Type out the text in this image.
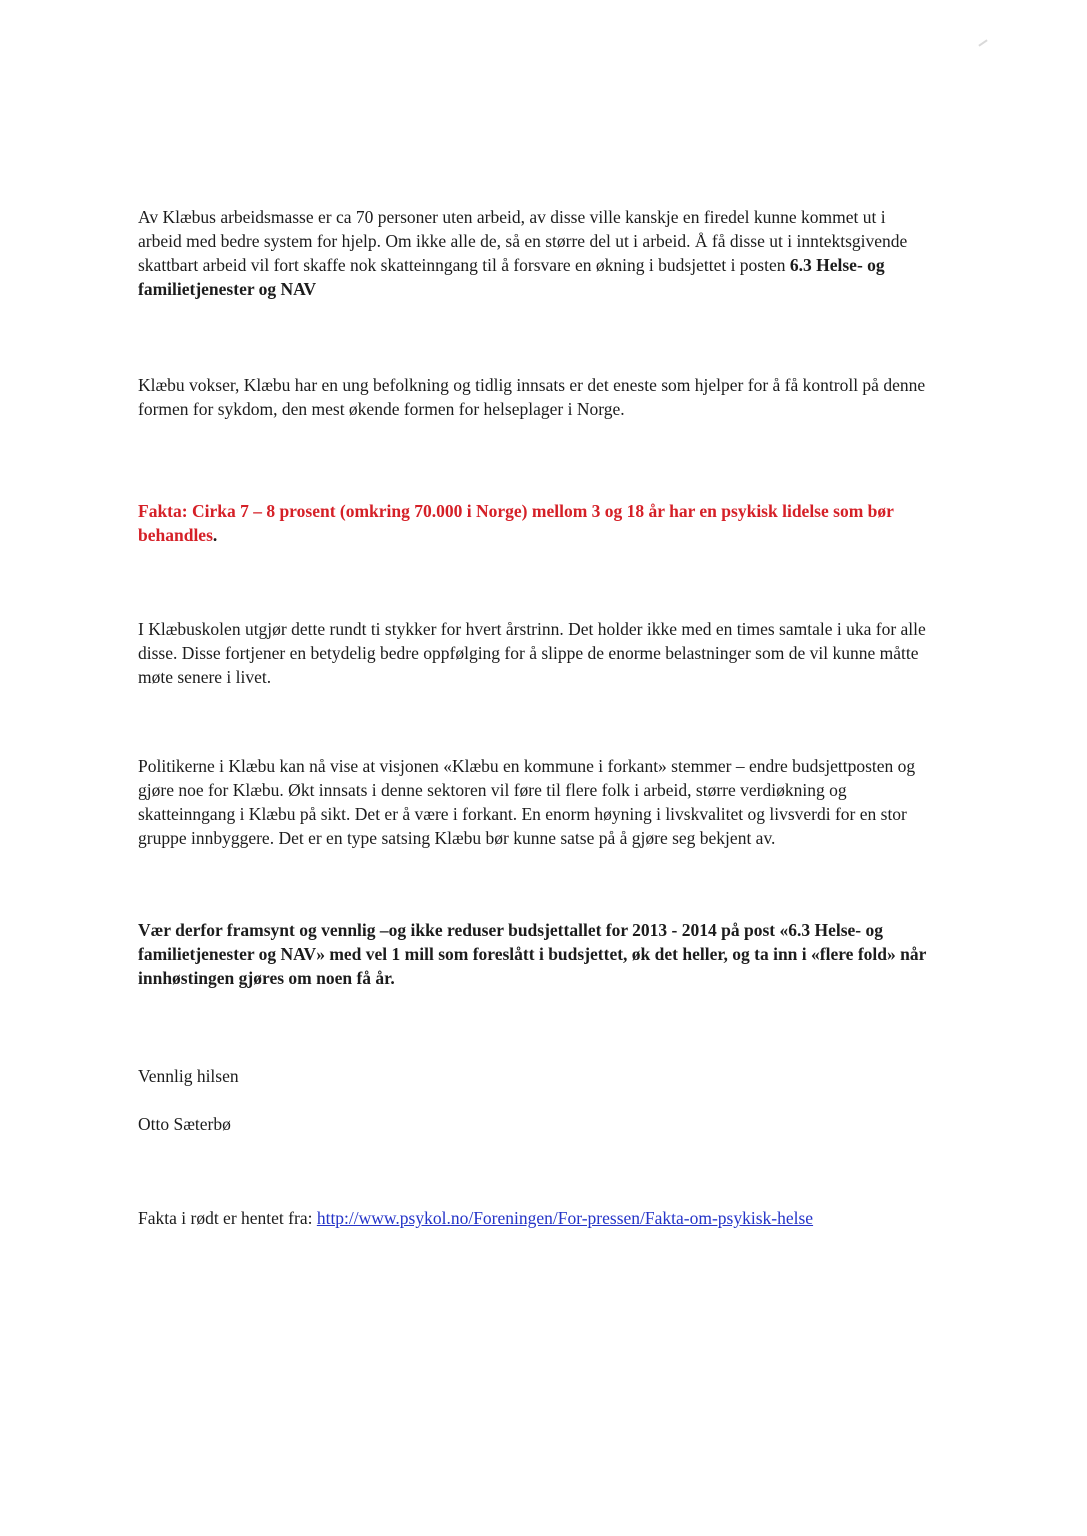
Av Klæbus arbeidsmasse er ca 70 personer uten arbeid, av disse ville kanskje en firedel kunne kommet ut i arbeid med bedre system for hjelp. Om ikke alle de, så en større del ut i arbeid. Å få disse ut i inntektsgivende skattbart arbeid vil fort skaffe nok skatteinngang til å forsvare en økning i budsjettet i posten 6.3 Helse- og familietjenester og NAV

Klæbu vokser, Klæbu har en ung befolkning og tidlig innsats er det eneste som hjelper for å få kontroll på denne formen for sykdom, den mest økende formen for helseplager i Norge.

Fakta: Cirka 7 – 8 prosent (omkring 70.000 i Norge) mellom 3 og 18 år har en psykisk lidelse som bør behandles.

I Klæbuskolen utgjør dette rundt ti stykker for hvert årstrinn. Det holder ikke med en times samtale i uka for alle disse. Disse fortjener en betydelig bedre oppfølging for å slippe de enorme belastninger som de vil kunne måtte møte senere i livet.

Politikerne i Klæbu kan nå vise at visjonen «Klæbu en kommune i forkant» stemmer – endre budsjettposten og gjøre noe for Klæbu. Økt innsats i denne sektoren vil føre til flere folk i arbeid, større verdiøkning og skatteinngang i Klæbu på sikt. Det er å være i forkant. En enorm høyning i livskvalitet og livsverdi for en stor gruppe innbyggere. Det er en type satsing Klæbu bør kunne satse på å gjøre seg bekjent av.

Vær derfor framsynt og vennlig –og ikke reduser budsjettallet for 2013 - 2014 på post «6.3 Helse- og familietjenester og NAV» med vel 1 mill som foreslått i budsjettet, øk det heller, og ta inn i «flere fold» når innhøstingen gjøres om noen få år.

Vennlig hilsen

Otto Sæterbø

Fakta i rødt er hentet fra: http://www.psykol.no/Foreningen/For-pressen/Fakta-om-psykisk-helse
